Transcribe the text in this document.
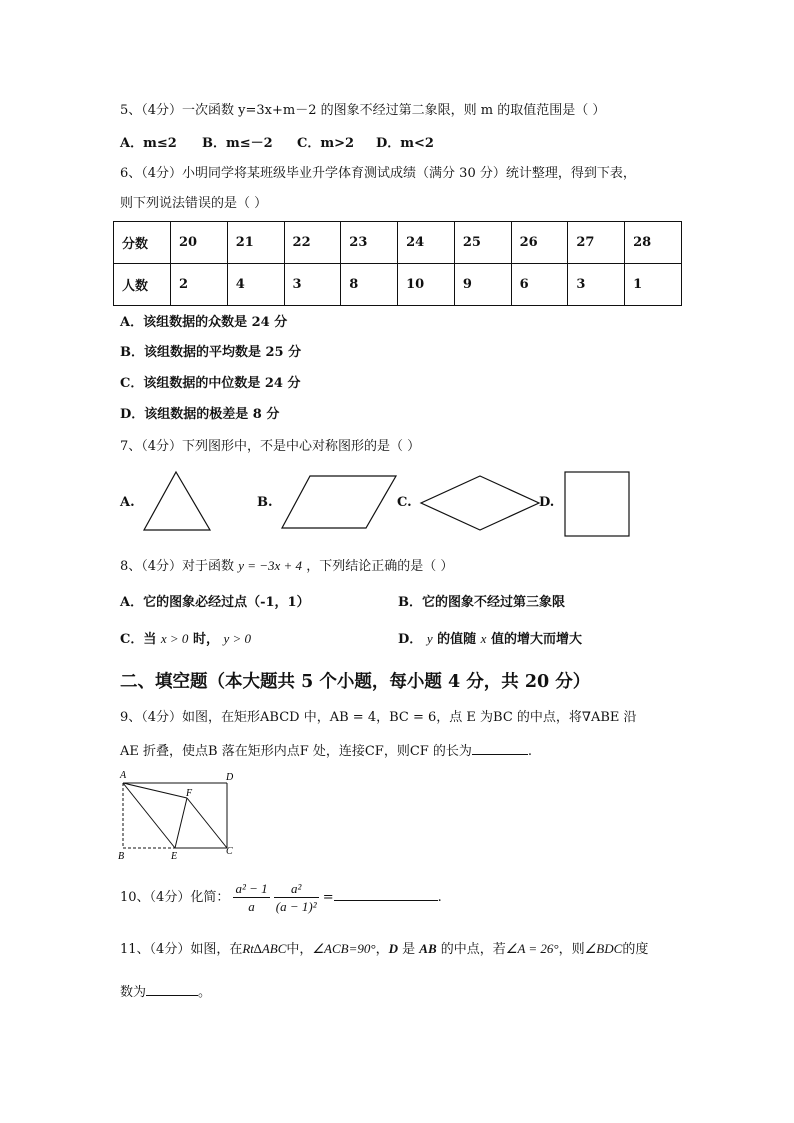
5、（4分）一次函数 y=3x+m－2 的图象不经过第二象限，则 m 的取值范围是（ ）
A．m≤2 B．m≤－2 C．m>2 D．m<2
6、（4分）小明同学将某班级毕业升学体育测试成绩（满分 30 分）统计整理，得到下表，
则下列说法错误的是（ ）
分数	20	21	22	23	24	25	26	27	28
人数	2	4	3	8	10	9	6	3	1
A．该组数据的众数是 24 分
B．该组数据的平均数是 25 分
C．该组数据的中位数是 24 分
D．该组数据的极差是 8 分
7、（4分）下列图形中，不是中心对称图形的是（ ）
A.	B.	C.	D.
8、（4分）对于函数 y = −3x + 4 ，下列结论正确的是（ ）
A．它的图象必经过点（-1，1）	B．它的图象不经过第三象限
C．当 x > 0 时， y > 0	D． y 的值随 x 值的增大而增大
二、填空题（本大题共 5 个小题，每小题 4 分，共 20 分）
9、（4分）如图，在矩形ABCD 中，AB = 4，BC = 6，点 E 为BC 的中点，将∇ABE 沿
AE 折叠，使点B 落在矩形内点F 处，连接CF，则CF 的长为	.
A	D
F
B	E	C
10、（4分）化简： $\frac{\text{a² − 1}}{a}$
$\frac{\text{a²}}{\text{(a − 1)²}}$ =	.
11、（4分）如图，在Rt∆ABC中，∠ACB=90°，D 是 AB 的中点，若∠A = 26°，则∠BDC的度
数为	。
